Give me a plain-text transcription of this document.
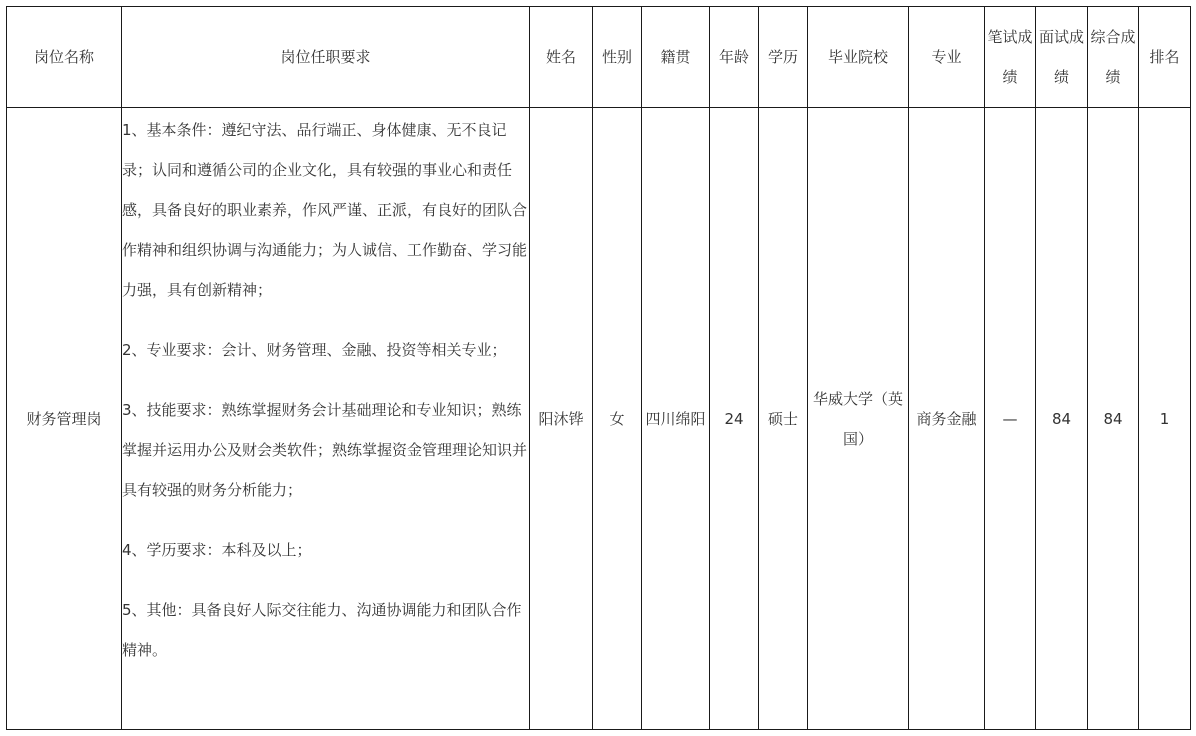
岗位名称	岗位任职要求	姓名	性别	籍贯	年龄	学历	毕业院校	专业	笔试成绩	面试成绩	综合成绩	排名
财务管理岗	1、基本条件：遵纪守法、品行端正、身体健康、无不良记录；认同和遵循公司的企业文化，具有较强的事业心和责任感，具备良好的职业素养，作风严谨、正派，有良好的团队合作精神和组织协调与沟通能力；为人诚信、工作勤奋、学习能力强，具有创新精神；

2、专业要求：会计、财务管理、金融、投资等相关专业；

3、技能要求：熟练掌握财务会计基础理论和专业知识；熟练掌握并运用办公及财会类软件；熟练掌握资金管理理论知识并具有较强的财务分析能力；

4、学历要求：本科及以上；

5、其他：具备良好人际交往能力、沟通协调能力和团队合作精神。	阳沐铧	女	四川绵阳	24	硕士	华威大学（英国）	商务金融	—	84	84	1
